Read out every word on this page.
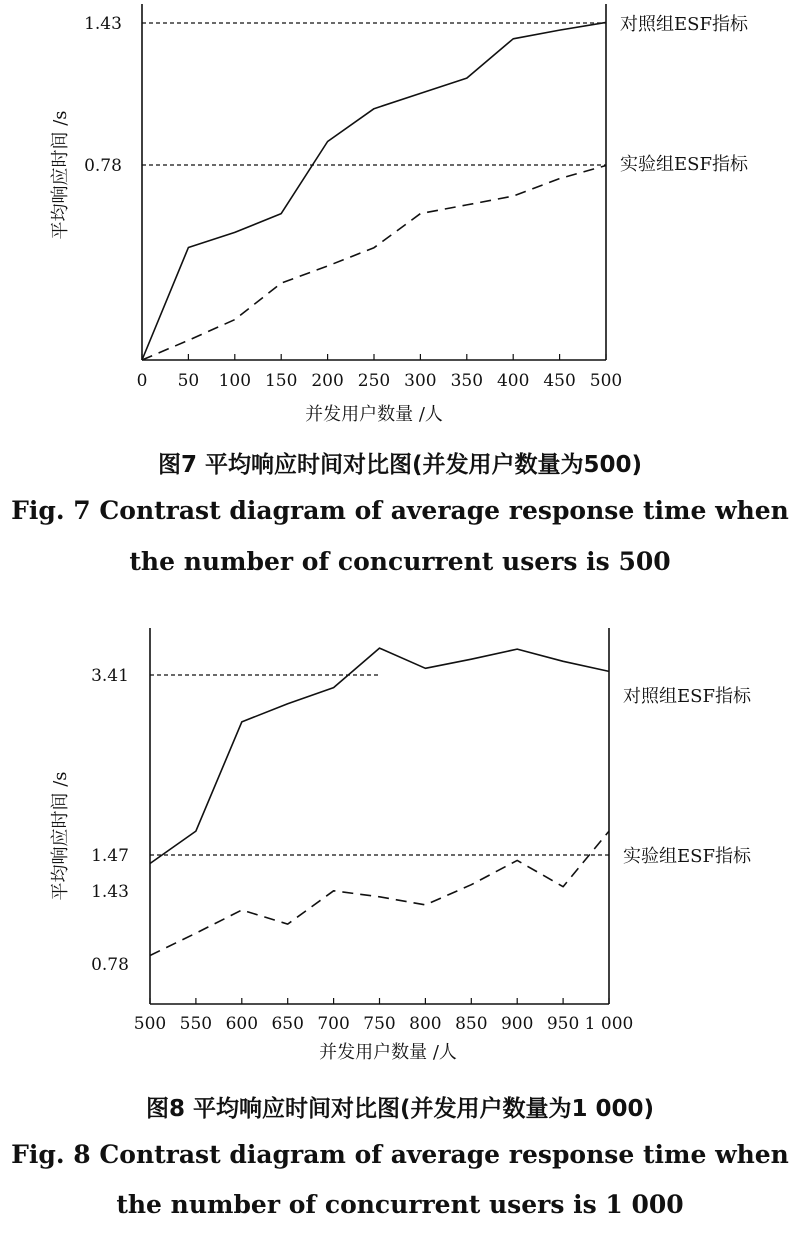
0 50 100 150 200 250 300 350 400 450 500
1.43
0.78
对照组ESF指标
实验组ESF指标
并发用户数量 /人
平均响应时间 /s
图7 平均响应时间对比图(并发用户数量为500)
Fig. 7 Contrast diagram of average response time when
the number of concurrent users is 500
500 550 600 650 700 750 800 850 900 950 1 000
3.41
1.47
1.43
0.78
对照组ESF指标
实验组ESF指标
并发用户数量 /人
平均响应时间 /s
图8 平均响应时间对比图(并发用户数量为1 000)
Fig. 8 Contrast diagram of average response time when
the number of concurrent users is 1 000
